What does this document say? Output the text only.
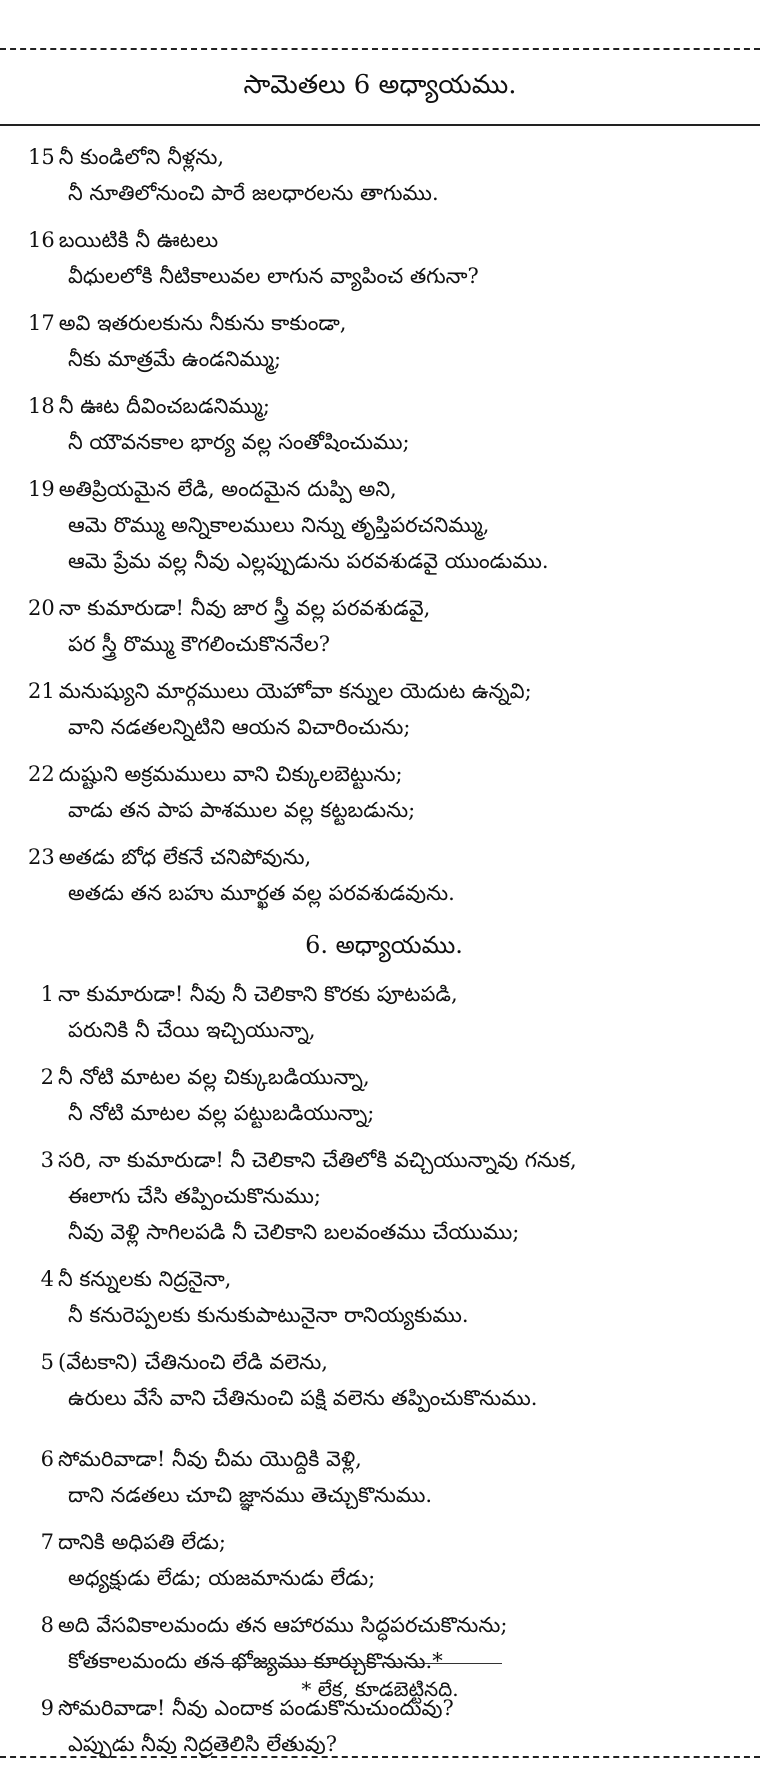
సామెతలు 6 అధ్యాయము.
15 నీ కుండిలోని నీళ్లను,
నీ నూతిలోనుంచి పారే జలధారలను తాగుము.
16 బయిటికి నీ ఊటలు
వీధులలోకి నీటికాలువల లాగున వ్యాపించ తగునా?
17 అవి ఇతరులకును నీకును కాకుండా,
నీకు మాత్రమే ఉండనిమ్ము;
18 నీ ఊట దీవించబడనిమ్ము;
నీ యౌవనకాల భార్య వల్ల సంతోషించుము;
19 అతిప్రియమైన లేడి, అందమైన దుప్పి అని,
ఆమె రొమ్ము అన్నికాలములు నిన్ను తృప్తిపరచనిమ్ము,
ఆమె ప్రేమ వల్ల నీవు ఎల్లప్పుడును పరవశుడవై యుండుము.
20 నా కుమారుడా! నీవు జార స్త్రీ వల్ల పరవశుడవై,
పర స్త్రీ రొమ్ము కౌగలించుకొననేల?
21 మనుష్యుని మార్గములు యెహోవా కన్నుల యెదుట ఉన్నవి;
వాని నడతలన్నిటిని ఆయన విచారించును;
22 దుష్టుని అక్రమములు వాని చిక్కులబెట్టును;
వాడు తన పాప పాశముల వల్ల కట్టబడును;
23 అతడు బోధ లేకనే చనిపోవును,
అతడు తన బహు మూర్ఖత వల్ల పరవశుడవును.
6. అధ్యాయము.
1 నా కుమారుడా! నీవు నీ చెలికాని కొరకు పూటపడి,
పరునికి నీ చేయి ఇచ్చియున్నా,
2 నీ నోటి మాటల వల్ల చిక్కుబడియున్నా,
నీ నోటి మాటల వల్ల పట్టుబడియున్నా;
3 సరి, నా కుమారుడా! నీ చెలికాని చేతిలోకి వచ్చియున్నావు గనుక,
ఈలాగు చేసి తప్పించుకొనుము;
నీవు వెళ్లి సాగిలపడి నీ చెలికాని బలవంతము చేయుము;
4 నీ కన్నులకు నిద్రనైనా,
నీ కనురెప్పలకు కునుకుపాటునైనా రానియ్యకుము.
5 (వేటకాని) చేతినుంచి లేడి వలెను,
ఉరులు వేసే వాని చేతినుంచి పక్షి వలెను తప్పించుకొనుము.
6 సోమరివాడా! నీవు చీమ యొద్దికి వెళ్లి,
దాని నడతలు చూచి జ్ఞానము తెచ్చుకొనుము.
7 దానికి అధిపతి లేడు;
అధ్యక్షుడు లేడు; యజమానుడు లేడు;
8 అది వేసవికాలమందు తన ఆహారము సిద్ధపరచుకొనును;
కోతకాలమందు తన భోజ్యము కూర్చుకొనును.*
9 సోమరివాడా! నీవు ఎందాక పండుకొనుచుందువు?
ఎప్పుడు నీవు నిద్రతెలిసి లేతువు?
* లేక, కూడబెట్టినది.
